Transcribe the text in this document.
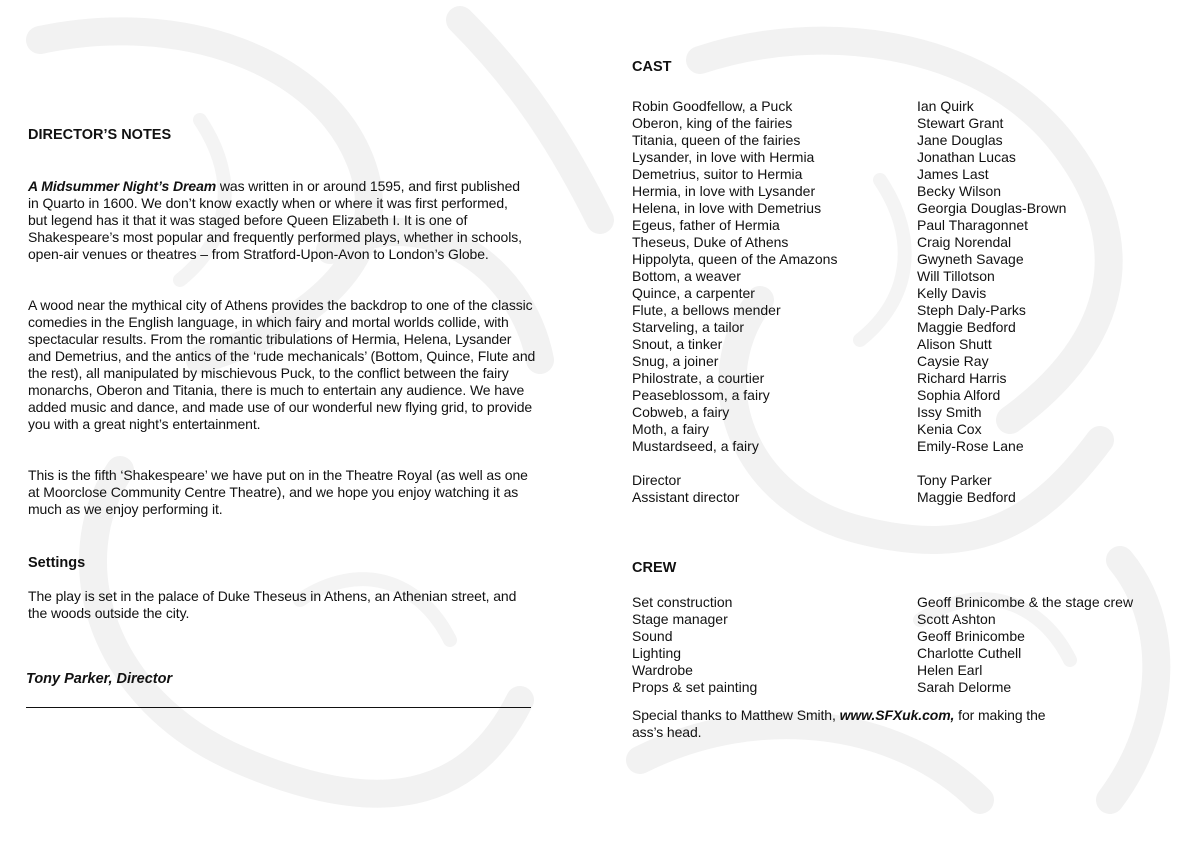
DIRECTOR’S NOTES

A Midsummer Night’s Dream was written in or around 1595, and first published in Quarto in 1600. We don’t know exactly when or where it was first performed, but legend has it that it was staged before Queen Elizabeth I. It is one of Shakespeare’s most popular and frequently performed plays, whether in schools, open-air venues or theatres – from Stratford-Upon-Avon to London’s Globe.

A wood near the mythical city of Athens provides the backdrop to one of the classic comedies in the English language, in which fairy and mortal worlds collide, with spectacular results. From the romantic tribulations of Hermia, Helena, Lysander and Demetrius, and the antics of the ‘rude mechanicals’ (Bottom, Quince, Flute and the rest), all manipulated by mischievous Puck, to the conflict between the fairy monarchs, Oberon and Titania, there is much to entertain any audience. We have added music and dance, and made use of our wonderful new flying grid, to provide you with a great night’s entertainment.

This is the fifth ‘Shakespeare’ we have put on in the Theatre Royal (as well as one at Moorclose Community Centre Theatre), and we hope you enjoy watching it as much as we enjoy performing it.

Settings

The play is set in the palace of Duke Theseus in Athens, an Athenian street, and the woods outside the city.

Tony Parker, Director
CAST
Robin Goodfellow, a Puck	Ian Quirk
Oberon, king of the fairies	Stewart Grant
Titania, queen of the fairies	Jane Douglas
Lysander, in love with Hermia	Jonathan Lucas
Demetrius, suitor to Hermia	James Last
Hermia, in love with Lysander	Becky Wilson
Helena, in love with Demetrius	Georgia Douglas-Brown
Egeus, father of Hermia	Paul Tharagonnet
Theseus, Duke of Athens	Craig Norendal
Hippolyta, queen of the Amazons	Gwyneth Savage
Bottom, a weaver	Will Tillotson
Quince, a carpenter	Kelly Davis
Flute, a bellows mender	Steph Daly-Parks
Starveling, a tailor	Maggie Bedford
Snout, a tinker	Alison Shutt
Snug, a joiner	Caysie Ray
Philostrate, a courtier	Richard Harris
Peaseblossom, a fairy	Sophia Alford
Cobweb, a fairy	Issy Smith
Moth, a fairy	Kenia Cox
Mustardseed, a fairy	Emily-Rose Lane
Director	Tony Parker
Assistant director	Maggie Bedford
CREW
Set construction	Geoff Brinicombe & the stage crew
Stage manager	Scott Ashton
Sound	Geoff Brinicombe
Lighting	Charlotte Cuthell
Wardrobe	Helen Earl
Props & set painting	Sarah Delorme

Special thanks to Matthew Smith, www.SFXuk.com, for making the ass’s head.
